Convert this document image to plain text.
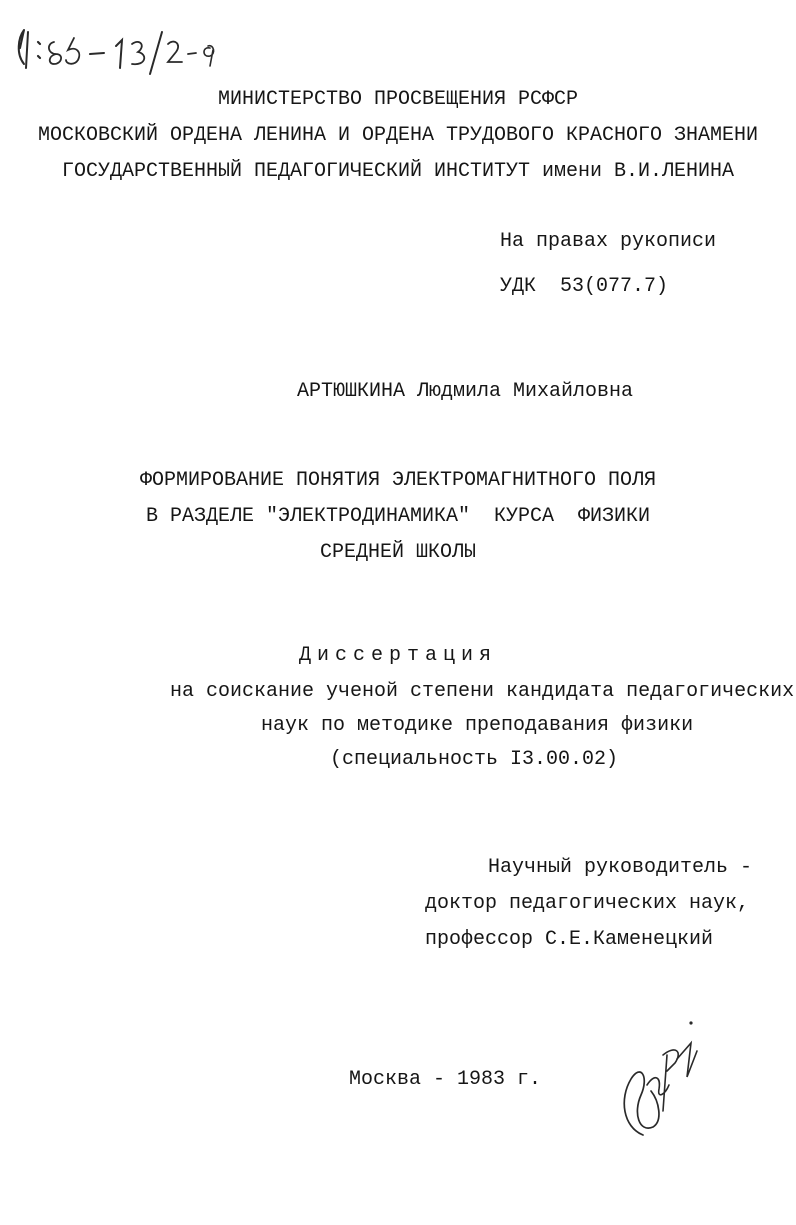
МИНИСТЕРСТВО ПРОСВЕЩЕНИЯ РСФСР
МОСКОВСКИЙ ОРДЕНА ЛЕНИНА И ОРДЕНА ТРУДОВОГО КРАСНОГО ЗНАМЕНИ
ГОСУДАРСТВЕННЫЙ ПЕДАГОГИЧЕСКИЙ ИНСТИТУТ имени В.И.ЛЕНИНА
На правах рукописи
УДК  53(077.7)
АРТЮШКИНА Людмила Михайловна
ФОРМИРОВАНИЕ ПОНЯТИЯ ЭЛЕКТРОМАГНИТНОГО ПОЛЯ
В РАЗДЕЛЕ "ЭЛЕКТРОДИНАМИКА"  КУРСА  ФИЗИКИ
СРЕДНЕЙ ШКОЛЫ
Диссертация
на соискание ученой степени кандидата педагогических
наук по методике преподавания физики
(специальность I3.00.02)
Научный руководитель -
доктор педагогических наук,
профессор С.Е.Каменецкий
Москва - 1983 г.
